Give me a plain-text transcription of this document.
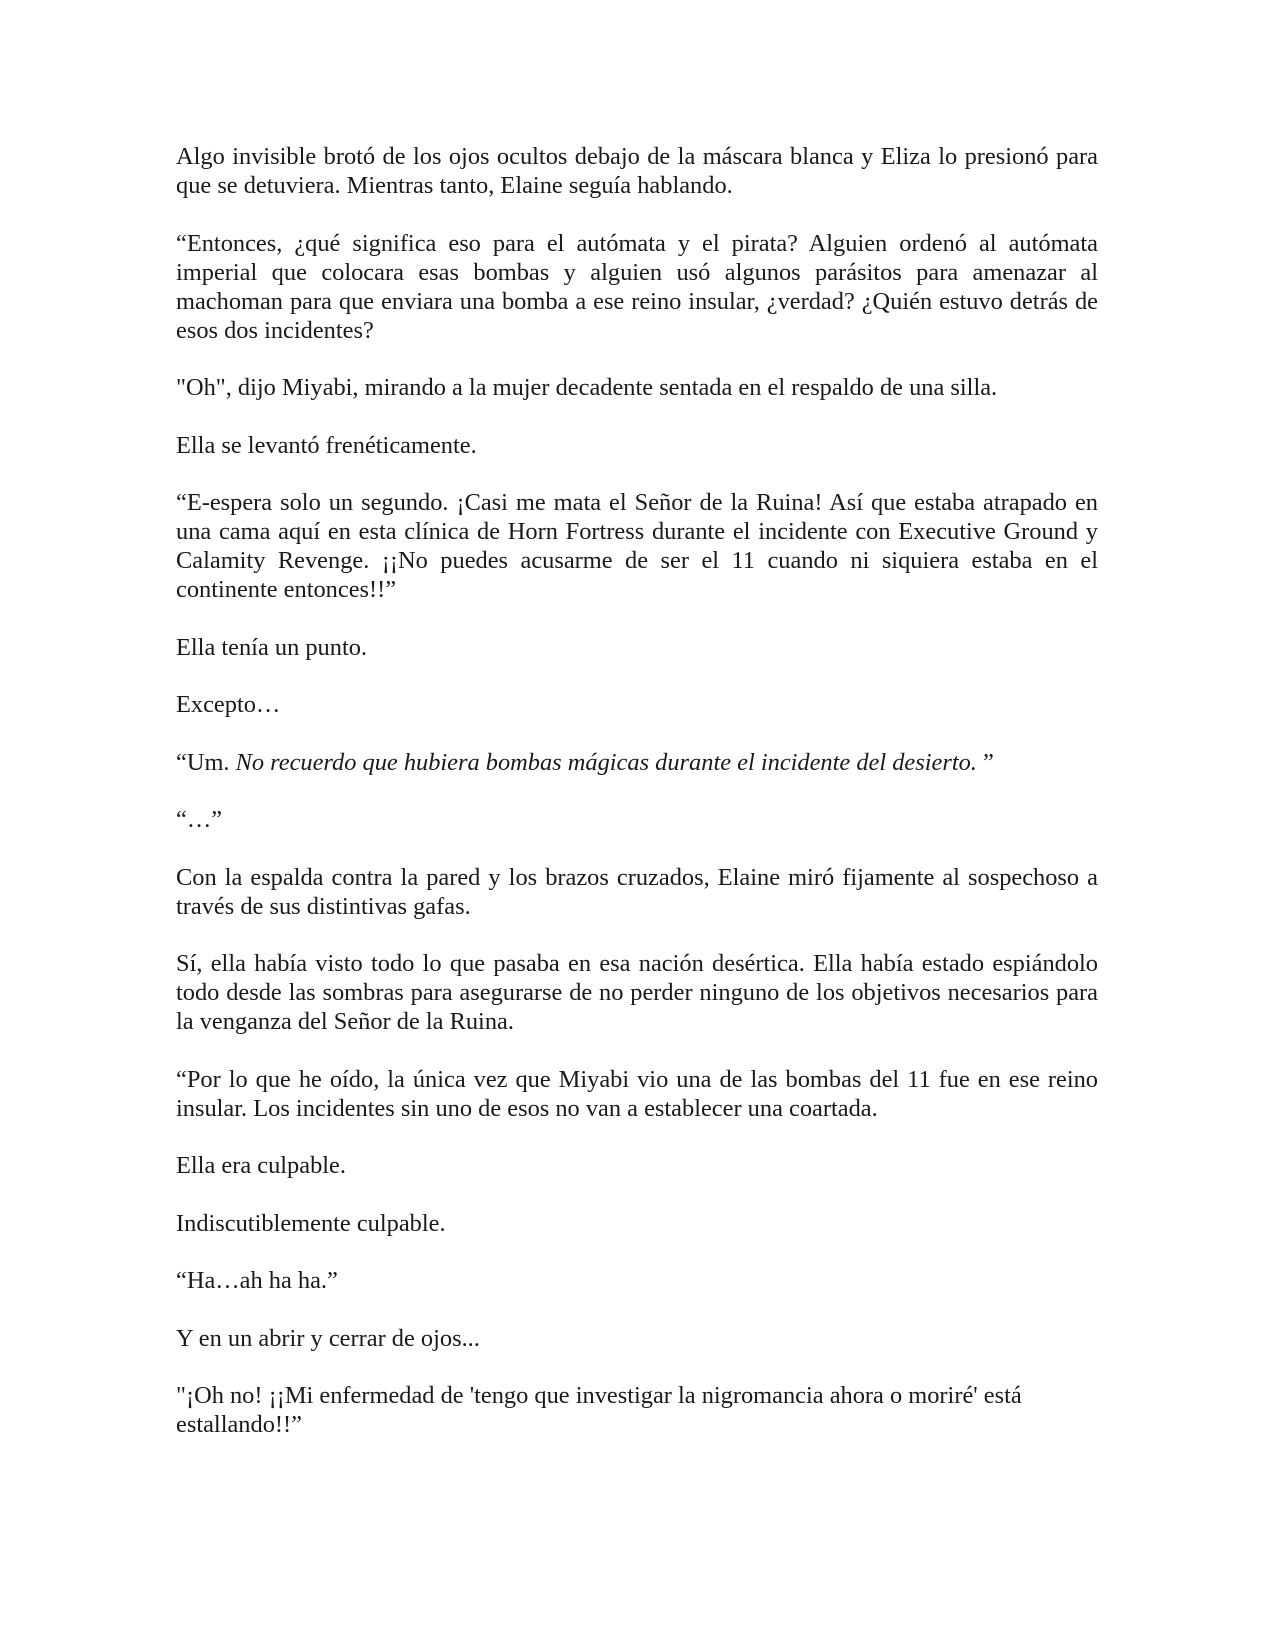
Algo invisible brotó de los ojos ocultos debajo de la máscara blanca y Eliza lo presionó para que se detuviera. Mientras tanto, Elaine seguía hablando.

“Entonces, ¿qué significa eso para el autómata y el pirata? Alguien ordenó al autómata imperial que colocara esas bombas y alguien usó algunos parásitos para amenazar al machoman para que enviara una bomba a ese reino insular, ¿verdad? ¿Quién estuvo detrás de esos dos incidentes?

"Oh", dijo Miyabi, mirando a la mujer decadente sentada en el respaldo de una silla.

Ella se levantó frenéticamente.

“E-espera solo un segundo. ¡Casi me mata el Señor de la Ruina! Así que estaba atrapado en una cama aquí en esta clínica de Horn Fortress durante el incidente con Executive Ground y Calamity Revenge. ¡¡No puedes acusarme de ser el 11 cuando ni siquiera estaba en el continente entonces!!”

Ella tenía un punto.

Excepto…

“Um. No recuerdo que hubiera bombas mágicas durante el incidente del desierto. ”

“…”

Con la espalda contra la pared y los brazos cruzados, Elaine miró fijamente al sospechoso a través de sus distintivas gafas.

Sí, ella había visto todo lo que pasaba en esa nación desértica. Ella había estado espiándolo todo desde las sombras para asegurarse de no perder ninguno de los objetivos necesarios para la venganza del Señor de la Ruina.

“Por lo que he oído, la única vez que Miyabi vio una de las bombas del 11 fue en ese reino insular. Los incidentes sin uno de esos no van a establecer una coartada.

Ella era culpable.

Indiscutiblemente culpable.

“Ha…ah ha ha.”

Y en un abrir y cerrar de ojos...

"¡Oh no! ¡¡Mi enfermedad de 'tengo que investigar la nigromancia ahora o moriré' está estallando!!”
